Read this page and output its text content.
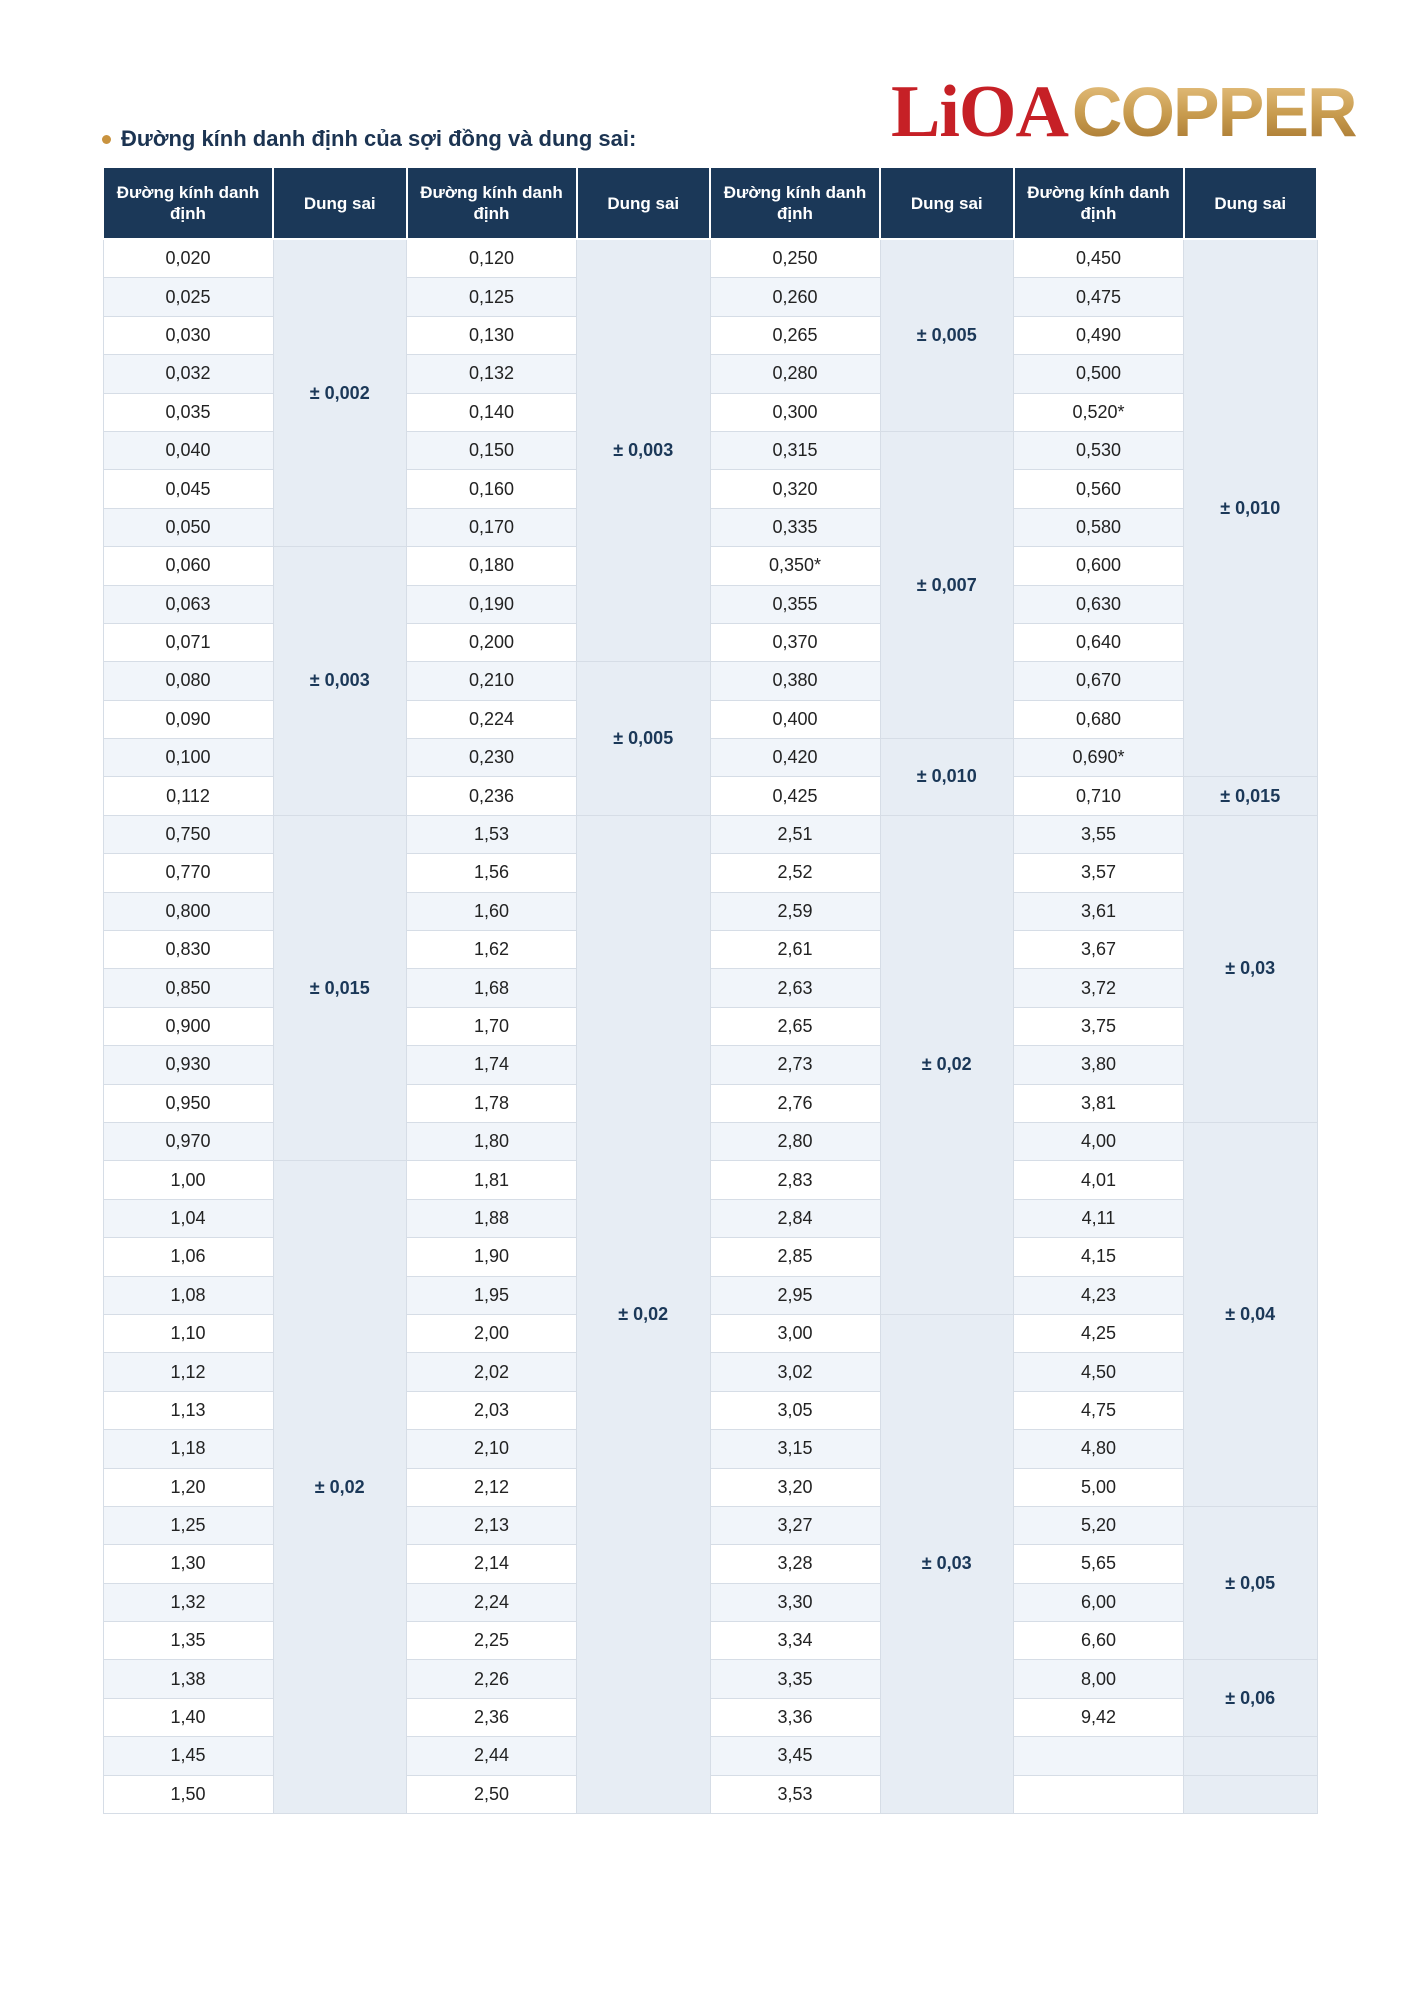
LiOA COPPER
Đường kính danh định của sợi đồng và dung sai:
Đường kính danh định	Dung sai	Đường kính danh định	Dung sai	Đường kính danh định	Dung sai	Đường kính danh định	Dung sai
0,020	± 0,002	0,120	± 0,003	0,250	± 0,005	0,450	± 0,010
0,025		0,125		0,260		0,475	
0,030		0,130		0,265		0,490	
0,032		0,132		0,280		0,500	
0,035		0,140		0,300		0,520*	
0,040		0,150		0,315	± 0,007	0,530	
0,045		0,160		0,320		0,560	
0,050		0,170		0,335		0,580	
0,060	± 0,003	0,180		0,350*		0,600	
0,063		0,190		0,355		0,630	
0,071		0,200		0,370		0,640	
0,080		0,210	± 0,005	0,380		0,670	
0,090		0,224		0,400		0,680	
0,100		0,230		0,420	± 0,010	0,690*	
0,112		0,236		0,425		0,710	± 0,015
0,750	± 0,015	1,53	± 0,02	2,51	± 0,02	3,55	± 0,03
0,770		1,56		2,52		3,57	
0,800		1,60		2,59		3,61	
0,830		1,62		2,61		3,67	
0,850		1,68		2,63		3,72	
0,900		1,70		2,65		3,75	
0,930		1,74		2,73		3,80	
0,950		1,78		2,76		3,81	
0,970		1,80		2,80		4,00	± 0,04
1,00	± 0,02	1,81		2,83		4,01	
1,04		1,88		2,84		4,11	
1,06		1,90		2,85		4,15	
1,08		1,95		2,95		4,23	
1,10		2,00		3,00	± 0,03	4,25	
1,12		2,02		3,02		4,50	
1,13		2,03		3,05		4,75	
1,18		2,10		3,15		4,80	
1,20		2,12		3,20		5,00	
1,25		2,13		3,27		5,20	± 0,05
1,30		2,14		3,28		5,65	
1,32		2,24		3,30		6,00	
1,35		2,25		3,34		6,60	
1,38		2,26		3,35		8,00	± 0,06
1,40		2,36		3,36		9,42	
1,45		2,44		3,45			
1,50		2,50		3,53			
